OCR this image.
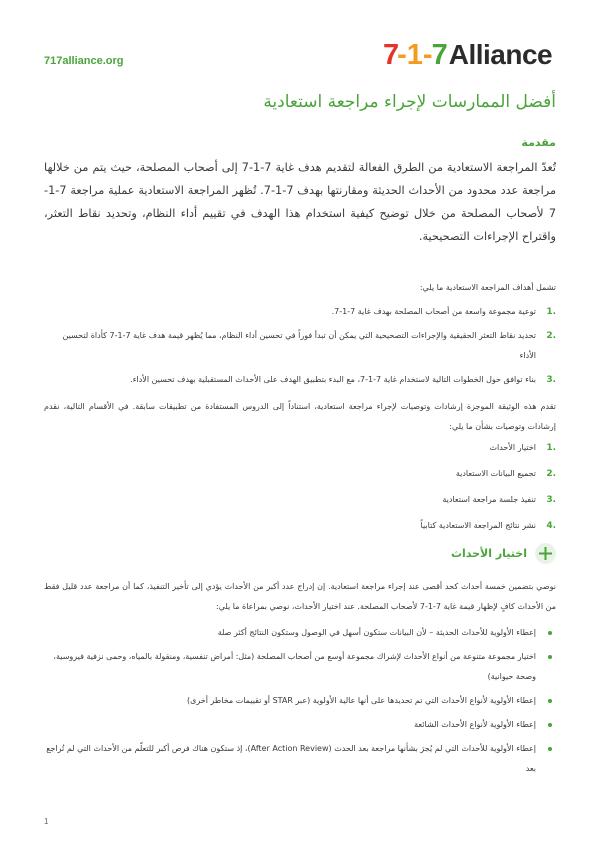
717alliance.org	7 -1- 7 Alliance
أفضل الممارسات لإجراء مراجعة استعادية
مقدمة

تُعدّ المراجعة الاستعادية من الطرق الفعالة لتقديم هدف غاية 7-1-7 إلى أصحاب المصلحة، حيث يتم من خلالها مراجعة عدد محدود من الأحداث الحديثة ومقارنتها بهدف 7-1-7. تُظهر المراجعة الاستعادية عملية مراجعة 7-1-7 لأصحاب المصلحة من خلال توضيح كيفية استخدام هذا الهدف في تقييم أداء النظام، وتحديد نقاط التعثر، واقتراح الإجراءات التصحيحية.

تشمل أهداف المراجعة الاستعادية ما يلي:

1.
توعية مجموعة واسعة من أصحاب المصلحة بهدف غاية 7-1-7.
2.
تحديد نقاط التعثر الحقيقية والإجراءات التصحيحية التي يمكن أن تبدأ فوراً في تحسين أداء النظام، مما يُظهر قيمة هدف غاية 7-1-7 كأداة لتحسين الأداء
3.
بناء توافق حول الخطوات التالية لاستخدام غاية 7-1-7، مع البدء بتطبيق الهدف على الأحداث المستقبلية بهدف تحسين الأداء.

تقدم هذه الوثيقة الموجزة إرشادات وتوصيات لإجراء مراجعة استعادية، استناداً إلى الدروس المستفادة من تطبيقات سابقة. في الأقسام التالية، نقدم إرشادات وتوصيات بشأن ما يلي:

1.
اختيار الأحداث
2.
تجميع البيانات الاستعادية
3.
تنفيذ جلسة مراجعة استعادية
4.
نشر نتائج المراجعة الاستعادية كتابياً
اختيار الأحداث

نوصي بتضمين خمسة أحداث كحد أقصى عند إجراء مراجعة استعادية. إن إدراج عدد أكبر من الأحداث يؤدي إلى تأخير التنفيذ، كما أن مراجعة عدد قليل فقط من الأحداث كافٍ لإظهار قيمة غاية 7-1-7 لأصحاب المصلحة. عند اختيار الأحداث، نوصي بمراعاة ما يلي:

إعطاء الأولوية للأحداث الحديثة – لأن البيانات ستكون أسهل في الوصول وستكون النتائج أكثر صلة
اختيار مجموعة متنوعة من أنواع الأحداث لإشراك مجموعة أوسع من أصحاب المصلحة (مثل: أمراض تنفسية، ومنقولة بالمياه، وحمى نزفية فيروسية، وصحة حيوانية)
إعطاء الأولوية لأنواع الأحداث التي تم تحديدها على أنها عالية الأولوية (عبر STAR أو تقييمات مخاطر أخرى)
إعطاء الأولوية لأنواع الأحداث الشائعة
إعطاء الأولوية للأحداث التي لم يُجرَ بشأنها مراجعة بعد الحدث (After Action Review)، إذ ستكون هناك فرص أكبر للتعلّم من الأحداث التي لم تُراجع بعد
1
